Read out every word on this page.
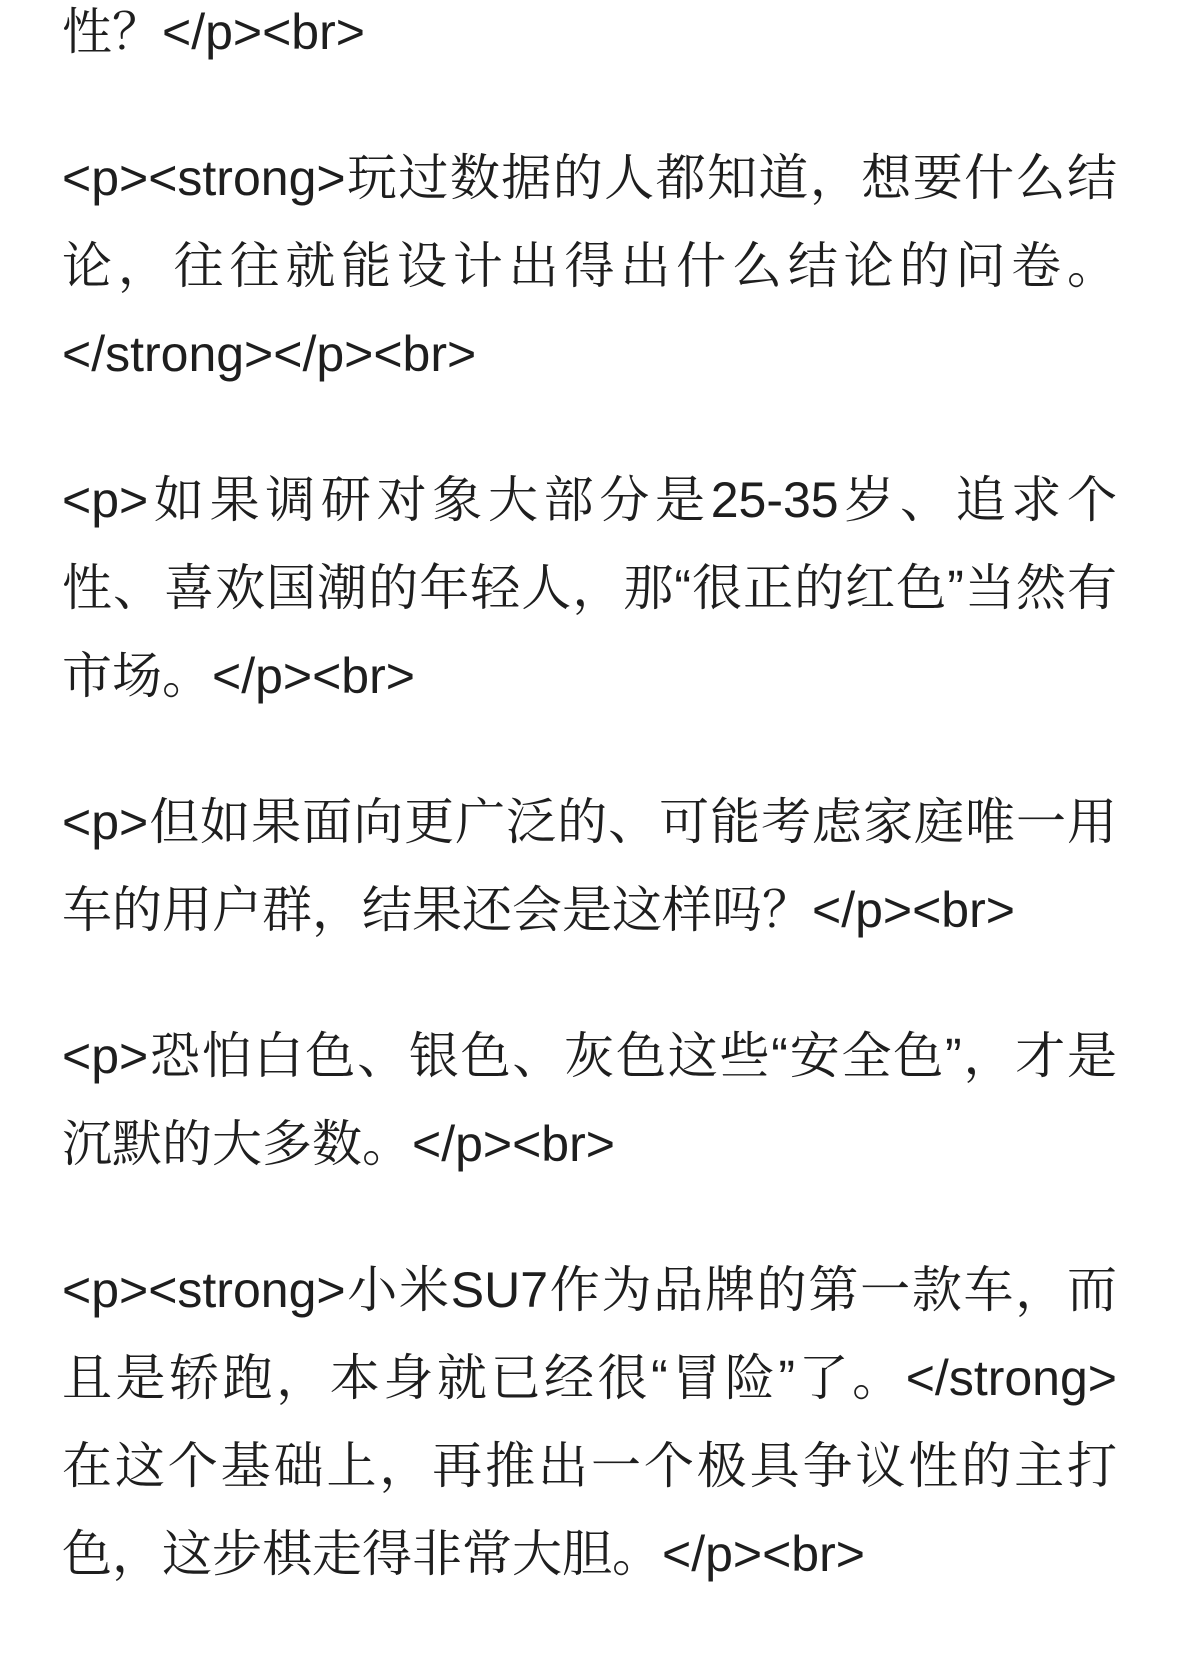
性？</p><br>
<p><strong>玩过数据的人都知道，想要什么结
论，往往就能设计出得出什么结论的问卷。
</strong></p><br>
<p>如果调研对象大部分是25-35岁、追求个
性、喜欢国潮的年轻人，那“很正的红色”当然有
市场。</p><br>
<p>但如果面向更广泛的、可能考虑家庭唯一用
车的用户群，结果还会是这样吗？</p><br>
<p>恐怕白色、银色、灰色这些“安全色”，才是
沉默的大多数。</p><br>
<p><strong>小米SU7作为品牌的第一款车，而
且是轿跑，本身就已经很“冒险”了。</strong>
在这个基础上，再推出一个极具争议性的主打
色，这步棋走得非常大胆。</p><br>
